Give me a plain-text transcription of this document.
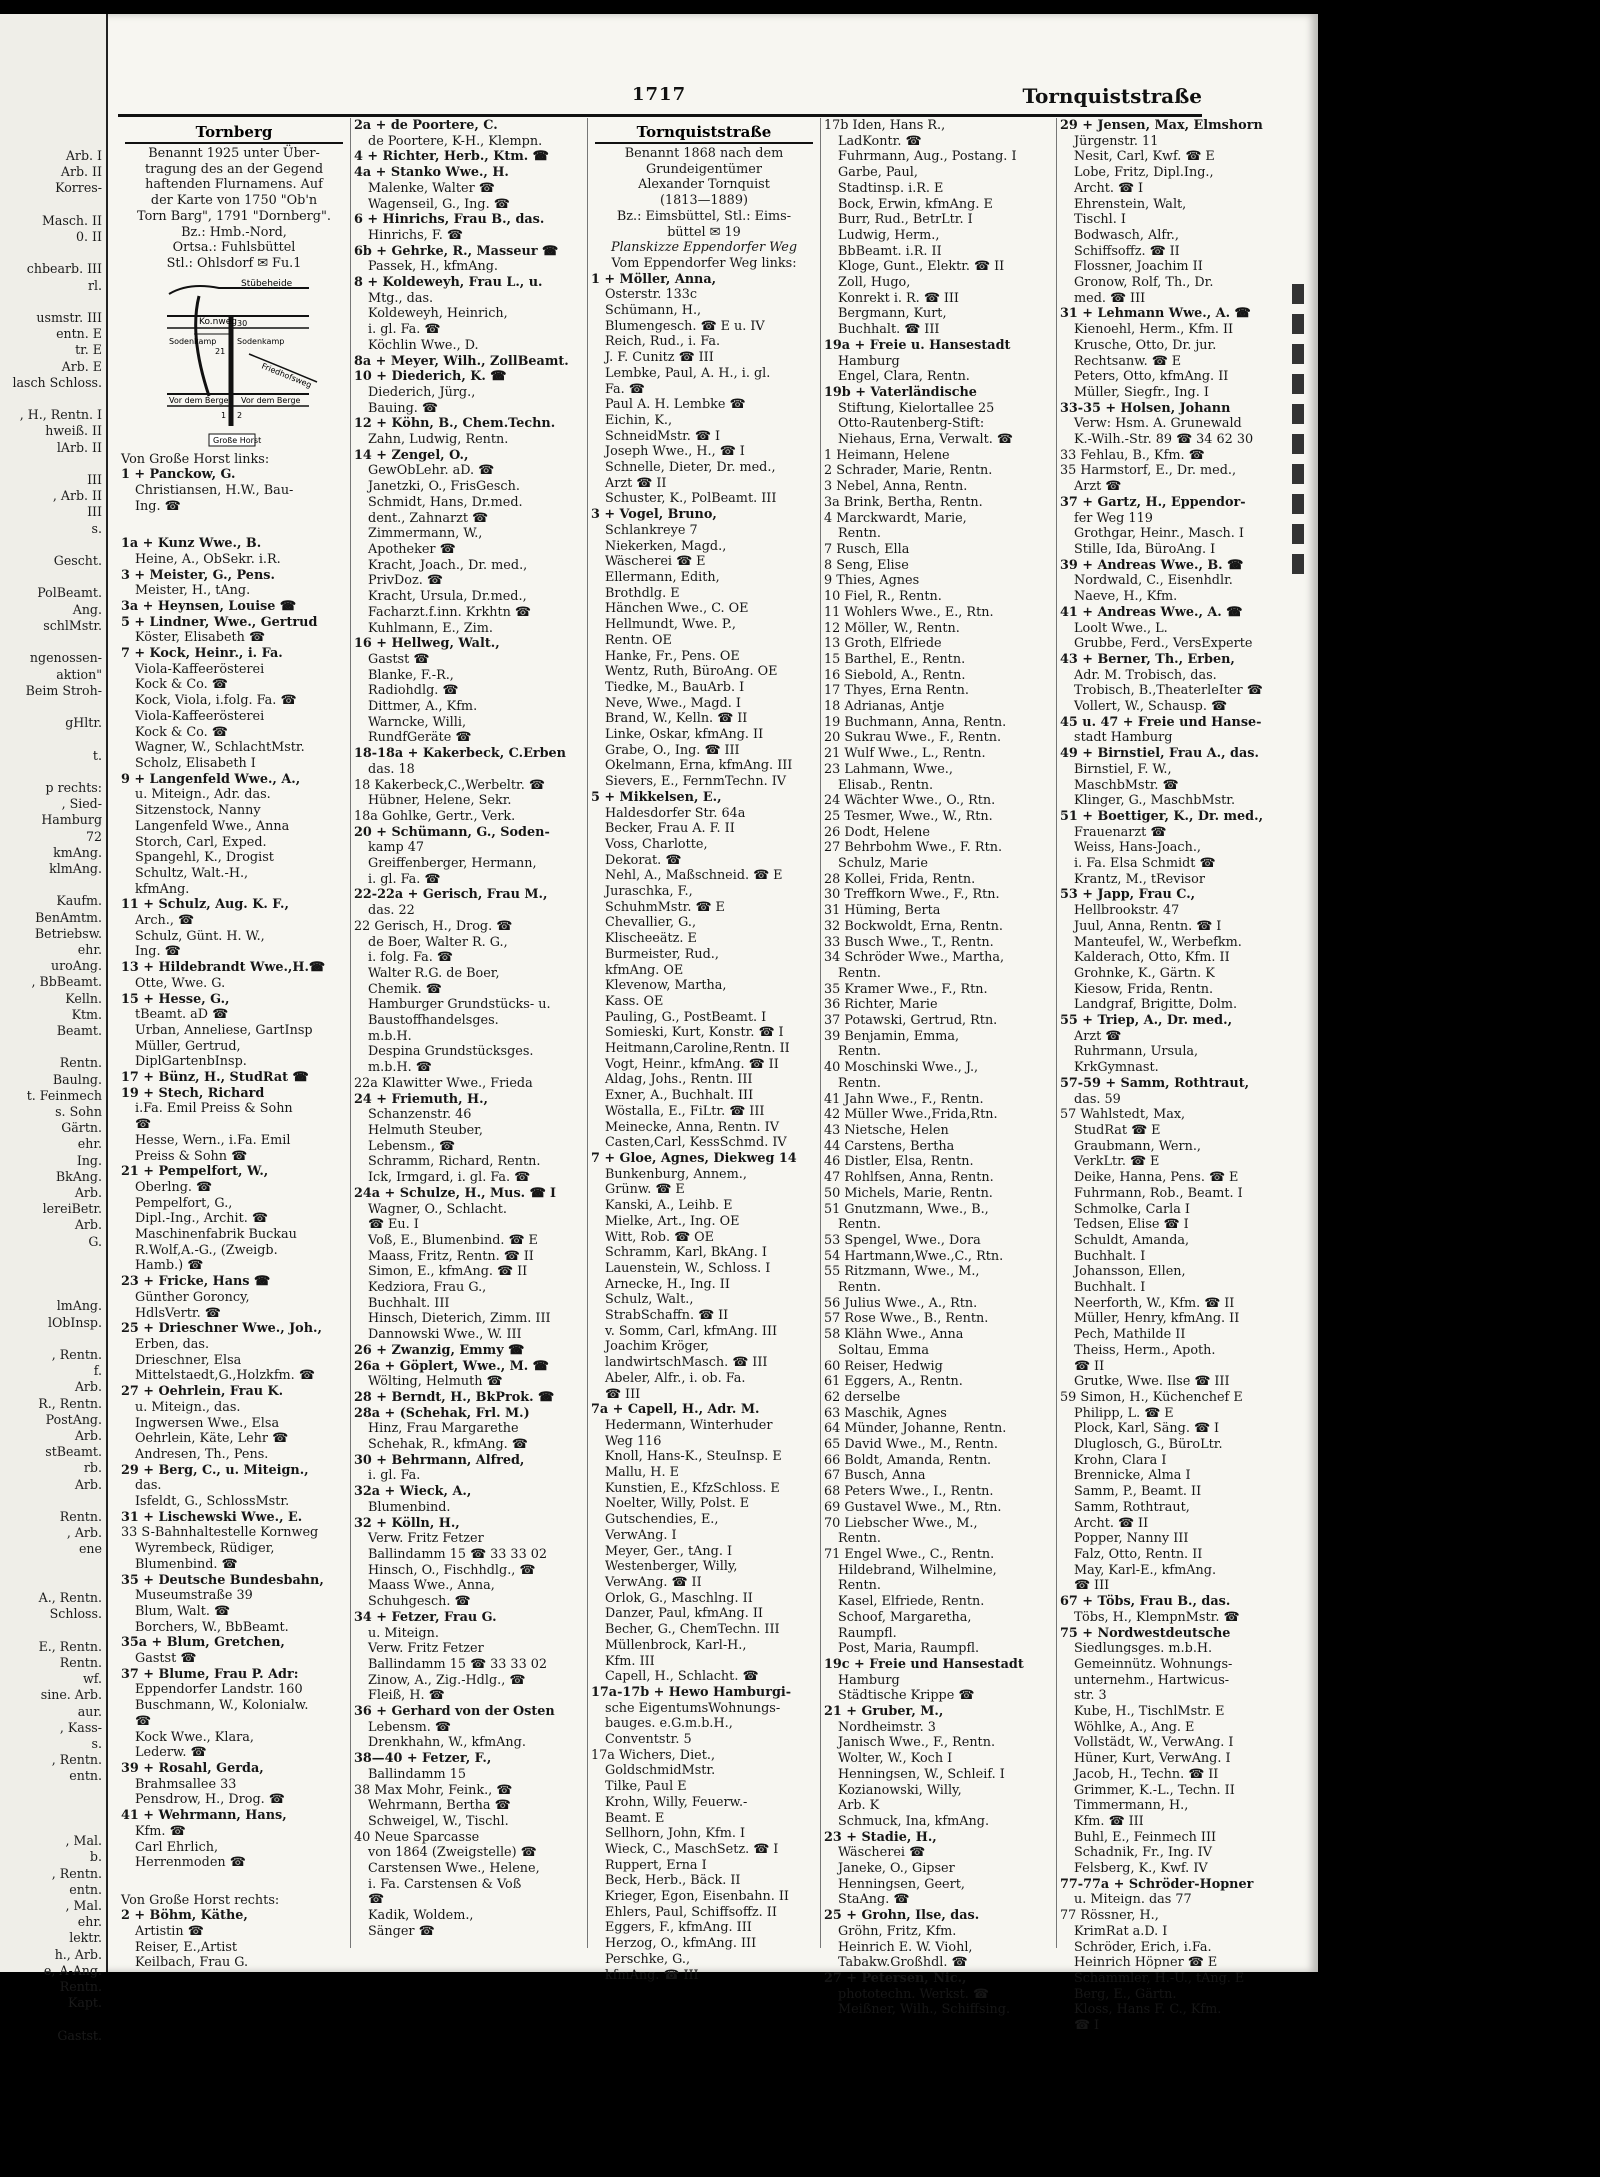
Arb. I
Arb. II
Korres-

Masch. II
0. II

chbearb. III
rl.

usmstr. III
entn. E
tr. E
Arb. E
lasch Schloss.

, H., Rentn. I
hweiß. II
lArb. II

III
, Arb. II
III
s.

Gescht.

PolBeamt.
Ang.
schlMstr.

ngenossen-
aktion"
Beim Stroh-

gHltr.

t.

p rechts:
, Sied-
Hamburg
72
kmAng.
klmAng.

Kaufm.
BenAmtm.
Betriebsw.
ehr.
uroAng.
, BbBeamt.
Kelln.
Ktm.
Beamt.

Rentn.
Baulng.
t. Feinmech
s. Sohn
Gärtn.
ehr.
Ing.
BkAng.
Arb.
lereiBetr.
Arb.
G.

lmAng.
lObInsp.

, Rentn.
f.
Arb.
R., Rentn.
PostAng.
Arb.
stBeamt.
rb.
Arb.

Rentn.
, Arb.
ene

A., Rentn.
Schloss.

E., Rentn.
Rentn.
wf.
sine. Arb.
aur.
, Kass-
s.
, Rentn.
entn.

, Mal.
b.
, Rentn.
entn.
, Mal.
ehr.
lektr.
h., Arb.
e, A-Ang.
Rentn.
Kapt.

Gastst.
1717	Tornquiststraße
Tornberg
Benannt 1925 unter Über-
tragung des an der Gegend
haftenden Flurnamens. Auf
der Karte von 1750 "Ob'n
Torn Barg", 1791 "Dornberg".
Bz.: Hmb.-Nord,
Ortsa.: Fuhlsbüttel
Stl.: Ohlsdorf ✉ Fu.1
Stübeheide
Ko.nweg
Sodenkamp	Sodenkamp
Friedhofsweg
Vor dem Berge Vor dem Berge
Große Horst
30
21
1 2
Von Große Horst links:
1 + Panckow, G.
Christiansen, H.W., Bau-
Ing. ☎

1a + Kunz Wwe., B.
Heine, A., ObSekr. i.R.
3 + Meister, G., Pens.
Meister, H., tAng.
3a + Heynsen, Louise ☎
5 + Lindner, Wwe., Gertrud
Köster, Elisabeth ☎
7 + Kock, Heinr., i. Fa.
Viola-Kaffeerösterei
Kock & Co. ☎
Kock, Viola, i.folg. Fa. ☎
Viola-Kaffeerösterei
Kock & Co. ☎
Wagner, W., SchlachtMstr.
Scholz, Elisabeth I
9 + Langenfeld Wwe., A.,
u. Miteign., Adr. das.
Sitzenstock, Nanny
Langenfeld Wwe., Anna
Storch, Carl, Exped.
Spangehl, K., Drogist
Schultz, Walt.-H.,
kfmAng.
11 + Schulz, Aug. K. F.,
Arch., ☎
Schulz, Günt. H. W.,
Ing. ☎
13 + Hildebrandt Wwe.,H.☎
Otte, Wwe. G.
15 + Hesse, G.,
tBeamt. aD ☎
Urban, Anneliese, GartInsp
Müller, Gertrud,
DiplGartenbInsp.
17 + Bünz, H., StudRat ☎
19 + Stech, Richard
i.Fa. Emil Preiss & Sohn
☎
Hesse, Wern., i.Fa. Emil
Preiss & Sohn ☎
21 + Pempelfort, W.,
Oberlng. ☎
Pempelfort, G.,
Dipl.-Ing., Archit. ☎
Maschinenfabrik Buckau
R.Wolf,A.-G., (Zweigb.
Hamb.) ☎
23 + Fricke, Hans ☎
Günther Goroncy,
HdlsVertr. ☎
25 + Drieschner Wwe., Joh.,
Erben, das.
Drieschner, Elsa
Mittelstaedt,G.,Holzkfm. ☎
27 + Oehrlein, Frau K.
u. Miteign., das.
Ingwersen Wwe., Elsa
Oehrlein, Käte, Lehr ☎
Andresen, Th., Pens.
29 + Berg, C., u. Miteign.,
das.
Isfeldt, G., SchlossMstr.
31 + Lischewski Wwe., E.
33 S-Bahnhaltestelle Kornweg
Wyrembeck, Rüdiger,
Blumenbind. ☎
35 + Deutsche Bundesbahn,
Museumstraße 39
Blum, Walt. ☎
Borchers, W., BbBeamt.
35a + Blum, Gretchen,
Gastst ☎
37 + Blume, Frau P. Adr:
Eppendorfer Landstr. 160
Buschmann, W., Kolonialw.
☎
Kock Wwe., Klara,
Lederw. ☎
39 + Rosahl, Gerda,
Brahmsallee 33
Pensdrow, H., Drog. ☎
41 + Wehrmann, Hans,
Kfm. ☎
Carl Ehrlich,
Herrenmoden ☎

Von Große Horst rechts:
2 + Böhm, Käthe,
Artistin ☎
Reiser, E.,Artist
Keilbach, Frau G.
2a + de Poortere, C.
de Poortere, K-H., Klempn.
4 + Richter, Herb., Ktm. ☎
4a + Stanko Wwe., H.
Malenke, Walter ☎
Wagenseil, G., Ing. ☎
6 + Hinrichs, Frau B., das.
Hinrichs, F. ☎
6b + Gehrke, R., Masseur ☎
Passek, H., kfmAng.
8 + Koldeweyh, Frau L., u.
Mtg., das.
Koldeweyh, Heinrich,
i. gl. Fa. ☎
Köchlin Wwe., D.
8a + Meyer, Wilh., ZollBeamt.
10 + Diederich, K. ☎
Diederich, Jürg.,
Bauing. ☎
12 + Köhn, B., Chem.Techn.
Zahn, Ludwig, Rentn.
14 + Zengel, O.,
GewObLehr. aD. ☎
Janetzki, O., FrisGesch.
Schmidt, Hans, Dr.med.
dent., Zahnarzt ☎
Zimmermann, W.,
Apotheker ☎
Kracht, Joach., Dr. med.,
PrivDoz. ☎
Kracht, Ursula, Dr.med.,
Facharzt.f.inn. Krkhtn ☎
Kuhlmann, E., Zim.
16 + Hellweg, Walt.,
Gastst ☎
Blanke, F.-R.,
Radiohdlg. ☎
Dittmer, A., Kfm.
Warncke, Willi,
RundfGeräte ☎
18-18a + Kakerbeck, C.Erben
das. 18
18 Kakerbeck,C.,Werbeltr. ☎
Hübner, Helene, Sekr.
18a Gohlke, Gertr., Verk.
20 + Schümann, G., Soden-
kamp 47
Greiffenberger, Hermann,
i. gl. Fa. ☎
22-22a + Gerisch, Frau M.,
das. 22
22 Gerisch, H., Drog. ☎
de Boer, Walter R. G.,
i. folg. Fa. ☎
Walter R.G. de Boer,
Chemik. ☎
Hamburger Grundstücks- u.
Baustoffhandelsges.
m.b.H.
Despina Grundstücksges.
m.b.H. ☎
22a Klawitter Wwe., Frieda
24 + Friemuth, H.,
Schanzenstr. 46
Helmuth Steuber,
Lebensm., ☎
Schramm, Richard, Rentn.
Ick, Irmgard, i. gl. Fa. ☎
24a + Schulze, H., Mus. ☎ I
Wagner, O., Schlacht.
☎ Eu. I
Voß, E., Blumenbind. ☎ E
Maass, Fritz, Rentn. ☎ II
Simon, E., kfmAng. ☎ II
Kedziora, Frau G.,
Buchhalt. III
Hinsch, Dieterich, Zimm. III
Dannowski Wwe., W. III
26 + Zwanzig, Emmy ☎
26a + Göplert, Wwe., M. ☎
Wölting, Helmuth ☎
28 + Berndt, H., BkProk. ☎
28a + (Schehak, Frl. M.)
Hinz, Frau Margarethe
Schehak, R., kfmAng. ☎
30 + Behrmann, Alfred,
i. gl. Fa.
32a + Wieck, A.,
Blumenbind.
32 + Kölln, H.,
Verw. Fritz Fetzer
Ballindamm 15 ☎ 33 33 02
Hinsch, O., Fischhdlg., ☎
Maass Wwe., Anna,
Schuhgesch. ☎
34 + Fetzer, Frau G.
u. Miteign.
Verw. Fritz Fetzer
Ballindamm 15 ☎ 33 33 02
Zinow, A., Zig.-Hdlg., ☎
Fleiß, H. ☎
36 + Gerhard von der Osten
Lebensm. ☎
Drenkhahn, W., kfmAng.
38—40 + Fetzer, F.,
Ballindamm 15
38 Max Mohr, Feink., ☎
Wehrmann, Bertha ☎
Schweigel, W., Tischl.
40 Neue Sparcasse
von 1864 (Zweigstelle) ☎
Carstensen Wwe., Helene,
i. Fa. Carstensen & Voß
☎
Kadik, Woldem.,
Sänger ☎
Tornquiststraße
Benannt 1868 nach dem
Grundeigentümer
Alexander Tornquist
(1813—1889)
Bz.: Eimsbüttel, Stl.: Eims-
büttel ✉ 19
Planskizze Eppendorfer Weg
Vom Eppendorfer Weg links:
1 + Möller, Anna,
Osterstr. 133c
Schümann, H.,
Blumengesch. ☎ E u. IV
Reich, Rud., i. Fa.
J. F. Cunitz ☎ III
Lembke, Paul, A. H., i. gl.
Fa. ☎
Paul A. H. Lembke ☎
Eichin, K.,
SchneidMstr. ☎ I
Joseph Wwe., H., ☎ I
Schnelle, Dieter, Dr. med.,
Arzt ☎ II
Schuster, K., PolBeamt. III
3 + Vogel, Bruno,
Schlankreye 7
Niekerken, Magd.,
Wäscherei ☎ E
Ellermann, Edith,
Brothdlg. E
Hänchen Wwe., C. OE
Hellmundt, Wwe. P.,
Rentn. OE
Hanke, Fr., Pens. OE
Wentz, Ruth, BüroAng. OE
Tiedke, M., BauArb. I
Neve, Wwe., Magd. I
Brand, W., Kelln. ☎ II
Linke, Oskar, kfmAng. II
Grabe, O., Ing. ☎ III
Okelmann, Erna, kfmAng. III
Sievers, E., FernmTechn. IV
5 + Mikkelsen, E.,
Haldesdorfer Str. 64a
Becker, Frau A. F. II
Voss, Charlotte,
Dekorat. ☎
Nehl, A., Maßschneid. ☎ E
Juraschka, F.,
SchuhmMstr. ☎ E
Chevallier, G.,
Klischeeätz. E
Burmeister, Rud.,
kfmAng. OE
Klevenow, Martha,
Kass. OE
Pauling, G., PostBeamt. I
Somieski, Kurt, Konstr. ☎ I
Heitmann,Caroline,Rentn. II
Vogt, Heinr., kfmAng. ☎ II
Aldag, Johs., Rentn. III
Exner, A., Buchhalt. III
Wöstalla, E., FiLtr. ☎ III
Meinecke, Anna, Rentn. IV
Casten,Carl, KessSchmd. IV
7 + Gloe, Agnes, Diekweg 14
Bunkenburg, Annem.,
Grünw. ☎ E
Kanski, A., Leihb. E
Mielke, Art., Ing. OE
Witt, Rob. ☎ OE
Schramm, Karl, BkAng. I
Lauenstein, W., Schloss. I
Arnecke, H., Ing. II
Schulz, Walt.,
StrabSchaffn. ☎ II
v. Somm, Carl, kfmAng. III
Joachim Kröger,
landwirtschMasch. ☎ III
Abeler, Alfr., i. ob. Fa.
☎ III
7a + Capell, H., Adr. M.
Hedermann, Winterhuder
Weg 116
Knoll, Hans-K., SteuInsp. E
Mallu, H. E
Kunstien, E., KfzSchloss. E
Noelter, Willy, Polst. E
Gutschendies, E.,
VerwAng. I
Meyer, Ger., tAng. I
Westenberger, Willy,
VerwAng. ☎ II
Orlok, G., Maschlng. II
Danzer, Paul, kfmAng. II
Becher, G., ChemTechn. III
Müllenbrock, Karl-H.,
Kfm. III
Capell, H., Schlacht. ☎
17a-17b + Hewo Hamburgi-
sche EigentumsWohnungs-
bauges. e.G.m.b.H.,
Conventstr. 5
17a Wichers, Diet.,
GoldschmidMstr.
Tilke, Paul E
Krohn, Willy, Feuerw.-
Beamt. E
Sellhorn, John, Kfm. I
Wieck, C., MaschSetz. ☎ I
Ruppert, Erna I
Beck, Herb., Bäck. II
Krieger, Egon, Eisenbahn. II
Ehlers, Paul, Schiffsoffz. II
Eggers, F., kfmAng. III
Herzog, O., kfmAng. III
Perschke, G.,
kfmAng. ☎ III
17b Iden, Hans R.,
LadKontr. ☎
Fuhrmann, Aug., Postang. I
Garbe, Paul,
Stadtinsp. i.R. E
Bock, Erwin, kfmAng. E
Burr, Rud., BetrLtr. I
Ludwig, Herm.,
BbBeamt. i.R. II
Kloge, Gunt., Elektr. ☎ II
Zoll, Hugo,
Konrekt i. R. ☎ III
Bergmann, Kurt,
Buchhalt. ☎ III
19a + Freie u. Hansestadt
Hamburg
Engel, Clara, Rentn.
19b + Vaterländische
Stiftung, Kielortallee 25
Otto-Rautenberg-Stift:
Niehaus, Erna, Verwalt. ☎
1 Heimann, Helene
2 Schrader, Marie, Rentn.
3 Nebel, Anna, Rentn.
3a Brink, Bertha, Rentn.
4 Marckwardt, Marie,
Rentn.
7 Rusch, Ella
8 Seng, Elise
9 Thies, Agnes
10 Fiel, R., Rentn.
11 Wohlers Wwe., E., Rtn.
12 Möller, W., Rentn.
13 Groth, Elfriede
15 Barthel, E., Rentn.
16 Siebold, A., Rentn.
17 Thyes, Erna Rentn.
18 Adrianas, Antje
19 Buchmann, Anna, Rentn.
20 Sukrau Wwe., F., Rentn.
21 Wulf Wwe., L., Rentn.
23 Lahmann, Wwe.,
Elisab., Rentn.
24 Wächter Wwe., O., Rtn.
25 Tesmer, Wwe., W., Rtn.
26 Dodt, Helene
27 Behrbohm Wwe., F. Rtn.
Schulz, Marie
28 Kollei, Frida, Rentn.
30 Treffkorn Wwe., F., Rtn.
31 Hüming, Berta
32 Bockwoldt, Erna, Rentn.
33 Busch Wwe., T., Rentn.
34 Schröder Wwe., Martha,
Rentn.
35 Kramer Wwe., F., Rtn.
36 Richter, Marie
37 Potawski, Gertrud, Rtn.
39 Benjamin, Emma,
Rentn.
40 Moschinski Wwe., J.,
Rentn.
41 Jahn Wwe., F., Rentn.
42 Müller Wwe.,Frida,Rtn.
43 Nietsche, Helen
44 Carstens, Bertha
46 Distler, Elsa, Rentn.
47 Rohlfsen, Anna, Rentn.
50 Michels, Marie, Rentn.
51 Gnutzmann, Wwe., B.,
Rentn.
53 Spengel, Wwe., Dora
54 Hartmann,Wwe.,C., Rtn.
55 Ritzmann, Wwe., M.,
Rentn.
56 Julius Wwe., A., Rtn.
57 Rose Wwe., B., Rentn.
58 Klähn Wwe., Anna
Soltau, Emma
60 Reiser, Hedwig
61 Eggers, A., Rentn.
62 derselbe
63 Maschik, Agnes
64 Münder, Johanne, Rentn.
65 David Wwe., M., Rentn.
66 Boldt, Amanda, Rentn.
67 Busch, Anna
68 Peters Wwe., I., Rentn.
69 Gustavel Wwe., M., Rtn.
70 Liebscher Wwe., M.,
Rentn.
71 Engel Wwe., C., Rentn.
Hildebrand, Wilhelmine,
Rentn.
Kasel, Elfriede, Rentn.
Schoof, Margaretha,
Raumpfl.
Post, Maria, Raumpfl.
19c + Freie und Hansestadt
Hamburg
Städtische Krippe ☎
21 + Gruber, M.,
Nordheimstr. 3
Janisch Wwe., F., Rentn.
Wolter, W., Koch I
Henningsen, W., Schleif. I
Kozianowski, Willy,
Arb. K
Schmuck, Ina, kfmAng.
23 + Stadie, H.,
Wäscherei ☎
Janeke, O., Gipser
Henningsen, Geert,
StaAng. ☎
25 + Grohn, Ilse, das.
Gröhn, Fritz, Kfm.
Heinrich E. W. Viohl,
Tabakw.Großhdl. ☎
27 + Petersen, Nic.,
phototechn. Werkst. ☎
Meißner, Wilh., Schiffsing.
29 + Jensen, Max, Elmshorn
Jürgenstr. 11
Nesit, Carl, Kwf. ☎ E
Lobe, Fritz, Dipl.Ing.,
Archt. ☎ I
Ehrenstein, Walt,
Tischl. I
Bodwasch, Alfr.,
Schiffsoffz. ☎ II
Flossner, Joachim II
Gronow, Rolf, Th., Dr.
med. ☎ III
31 + Lehmann Wwe., A. ☎
Kienoehl, Herm., Kfm. II
Krusche, Otto, Dr. jur.
Rechtsanw. ☎ E
Peters, Otto, kfmAng. II
Müller, Siegfr., Ing. I
33-35 + Holsen, Johann
Verw: Hsm. A. Grunewald
K.-Wilh.-Str. 89 ☎ 34 62 30
33 Fehlau, B., Kfm. ☎
35 Harmstorf, E., Dr. med.,
Arzt ☎
37 + Gartz, H., Eppendor-
fer Weg 119
Grothgar, Heinr., Masch. I
Stille, Ida, BüroAng. I
39 + Andreas Wwe., B. ☎
Nordwald, C., Eisenhdlr.
Naeve, H., Kfm.
41 + Andreas Wwe., A. ☎
Loolt Wwe., L.
Grubbe, Ferd., VersExperte
43 + Berner, Th., Erben,
Adr. M. Trobisch, das.
Trobisch, B.,TheaterleIter ☎
Vollert, W., Schausp. ☎
45 u. 47 + Freie und Hanse-
stadt Hamburg
49 + Birnstiel, Frau A., das.
Birnstiel, F. W.,
MaschbMstr. ☎
Klinger, G., MaschbMstr.
51 + Boettiger, K., Dr. med.,
Frauenarzt ☎
Weiss, Hans-Joach.,
i. Fa. Elsa Schmidt ☎
Krantz, M., tRevisor
53 + Japp, Frau C.,
Hellbrookstr. 47
Juul, Anna, Rentn. ☎ I
Manteufel, W., Werbefkm.
Kalderach, Otto, Kfm. II
Grohnke, K., Gärtn. K
Kiesow, Frida, Rentn.
Landgraf, Brigitte, Dolm.
55 + Triep, A., Dr. med.,
Arzt ☎
Ruhrmann, Ursula,
KrkGymnast.
57-59 + Samm, Rothtraut,
das. 59
57 Wahlstedt, Max,
StudRat ☎ E
Graubmann, Wern.,
VerkLtr. ☎ E
Deike, Hanna, Pens. ☎ E
Fuhrmann, Rob., Beamt. I
Schmolke, Carla I
Tedsen, Elise ☎ I
Schuldt, Amanda,
Buchhalt. I
Johansson, Ellen,
Buchhalt. I
Neerforth, W., Kfm. ☎ II
Müller, Henry, kfmAng. II
Pech, Mathilde II
Theiss, Herm., Apoth.
☎ II
Grutke, Wwe. Ilse ☎ III
59 Simon, H., Küchenchef E
Philipp, L. ☎ E
Plock, Karl, Säng. ☎ I
Dluglosch, G., BüroLtr.
Krohn, Clara I
Brennicke, Alma I
Samm, P., Beamt. II
Samm, Rothtraut,
Archt. ☎ II
Popper, Nanny III
Falz, Otto, Rentn. II
May, Karl-E., kfmAng.
☎ III
67 + Töbs, Frau B., das.
Töbs, H., KlempnMstr. ☎
75 + Nordwestdeutsche
Siedlungsges. m.b.H.
Gemeinnütz. Wohnungs-
unternehm., Hartwicus-
str. 3
Kube, H., TischlMstr. E
Wöhlke, A., Ang. E
Vollstädt, W., VerwAng. I
Hüner, Kurt, VerwAng. I
Jacob, H., Techn. ☎ II
Grimmer, K.-L., Techn. II
Timmermann, H.,
Kfm. ☎ III
Buhl, E., Feinmech III
Schadnik, Fr., Ing. IV
Felsberg, K., Kwf. IV
77-77a + Schröder-Hopner
u. Miteign. das 77
77 Rössner, H.,
KrimRat a.D. I
Schröder, Erich, i.Fa.
Heinrich Höpner ☎ E
Schammler, H.-U., tAng. E
Berg, E., Gärtn.
Kloss, Hans F. C., Kfm.
☎ I
